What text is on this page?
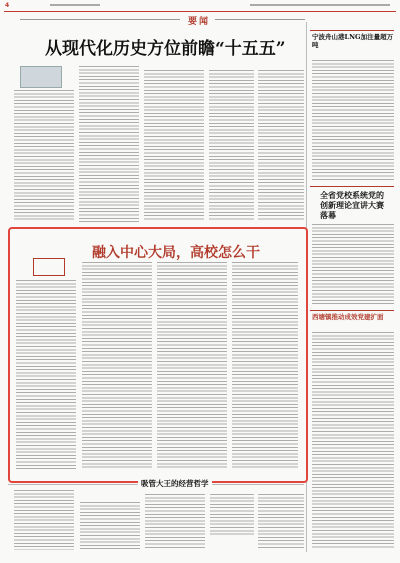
4
要闻
从现代化历史方位前瞻“十五五”
宁波舟山港LNG加注量超万吨
全省党校系统党的创新理论宣讲大赛落幕
西塘镇推动成效党建扩面
融入中心大局，高校怎么干
吸管大王的经营哲学
